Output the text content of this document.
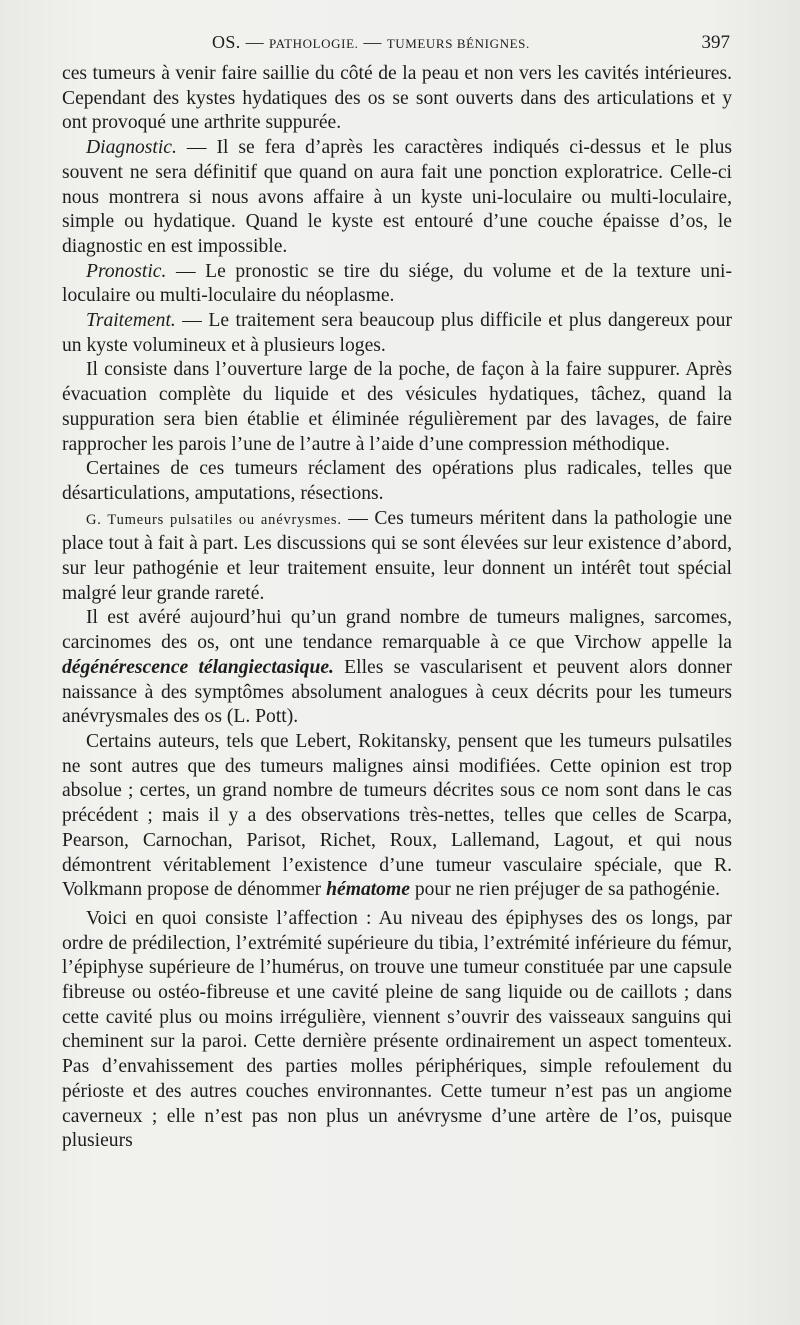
OS. — PATHOLOGIE. — TUMEURS BÉNIGNES.	397

ces tumeurs à venir faire saillie du côté de la peau et non vers les cavités intérieures. Cependant des kystes hydatiques des os se sont ouverts dans des articulations et y ont provoqué une arthrite suppurée.

Diagnostic. — Il se fera d’après les caractères indiqués ci-dessus et le plus souvent ne sera définitif que quand on aura fait une ponction exploratrice. Celle-ci nous montrera si nous avons affaire à un kyste uni-loculaire ou multi-loculaire, simple ou hydatique. Quand le kyste est entouré d’une couche épaisse d’os, le diagnostic en est impossible.

Pronostic. — Le pronostic se tire du siége, du volume et de la texture uni-loculaire ou multi-loculaire du néoplasme.

Traitement. — Le traitement sera beaucoup plus difficile et plus dangereux pour un kyste volumineux et à plusieurs loges.

Il consiste dans l’ouverture large de la poche, de façon à la faire suppurer. Après évacuation complète du liquide et des vésicules hydatiques, tâchez, quand la suppuration sera bien établie et éliminée régulièrement par des lavages, de faire rapprocher les parois l’une de l’autre à l’aide d’une compression méthodique.

Certaines de ces tumeurs réclament des opérations plus radicales, telles que désarticulations, amputations, résections.

G. Tumeurs pulsatiles ou anévrysmes. — Ces tumeurs méritent dans la pathologie une place tout à fait à part. Les discussions qui se sont élevées sur leur existence d’abord, sur leur pathogénie et leur traitement ensuite, leur donnent un intérêt tout spécial malgré leur grande rareté.

Il est avéré aujourd’hui qu’un grand nombre de tumeurs malignes, sarcomes, carcinomes des os, ont une tendance remarquable à ce que Virchow appelle la dégénérescence télangiectasique. Elles se vascularisent et peuvent alors donner naissance à des symptômes absolument analogues à ceux décrits pour les tumeurs anévrysmales des os (L. Pott).

Certains auteurs, tels que Lebert, Rokitansky, pensent que les tumeurs pulsatiles ne sont autres que des tumeurs malignes ainsi modifiées. Cette opinion est trop absolue ; certes, un grand nombre de tumeurs décrites sous ce nom sont dans le cas précédent ; mais il y a des observations très-nettes, telles que celles de Scarpa, Pearson, Carnochan, Parisot, Richet, Roux, Lallemand, Lagout, et qui nous démontrent véritablement l’existence d’une tumeur vasculaire spéciale, que R. Volkmann propose de dénommer hématome pour ne rien préjuger de sa pathogénie.

Voici en quoi consiste l’affection : Au niveau des épiphyses des os longs, par ordre de prédilection, l’extrémité supérieure du tibia, l’extrémité inférieure du fémur, l’épiphyse supérieure de l’humérus, on trouve une tumeur constituée par une capsule fibreuse ou ostéo-fibreuse et une cavité pleine de sang liquide ou de caillots ; dans cette cavité plus ou moins irrégulière, viennent s’ouvrir des vaisseaux sanguins qui cheminent sur la paroi. Cette dernière présente ordinairement un aspect tomenteux. Pas d’envahissement des parties molles périphériques, simple refoulement du périoste et des autres couches environnantes. Cette tumeur n’est pas un angiome caverneux ; elle n’est pas non plus un anévrysme d’une artère de l’os, puisque plusieurs
